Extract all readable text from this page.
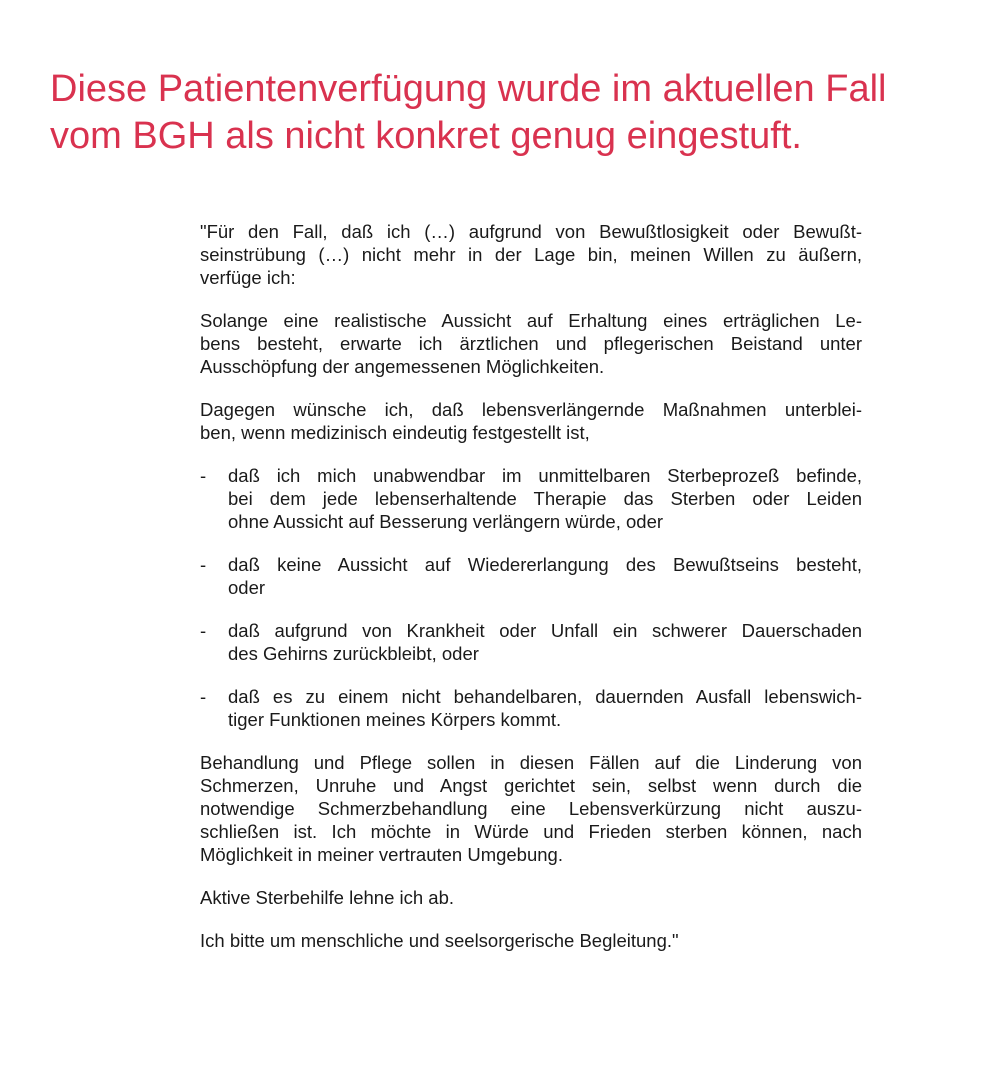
Diese Patientenverfügung wurde im aktuellen Fall
vom BGH als nicht konkret genug eingestuft.

"Für den Fall, daß ich (…) aufgrund von Bewußtlosigkeit oder Bewußt-
seinstrübung (…) nicht mehr in der Lage bin, meinen Willen zu äußern,
verfüge ich:

Solange eine realistische Aussicht auf Erhaltung eines erträglichen Le-
bens besteht, erwarte ich ärztlichen und pflegerischen Beistand unter
Ausschöpfung der angemessenen Möglichkeiten.

Dagegen wünsche ich, daß lebensverlängernde Maßnahmen unterblei-
ben, wenn medizinisch eindeutig festgestellt ist,

- daß ich mich unabwendbar im unmittelbaren Sterbeprozeß befinde,
bei dem jede lebenserhaltende Therapie das Sterben oder Leiden
ohne Aussicht auf Besserung verlängern würde, oder
- daß keine Aussicht auf Wiedererlangung des Bewußtseins besteht,
oder
- daß aufgrund von Krankheit oder Unfall ein schwerer Dauerschaden
des Gehirns zurückbleibt, oder
- daß es zu einem nicht behandelbaren, dauernden Ausfall lebenswich-
tiger Funktionen meines Körpers kommt.

Behandlung und Pflege sollen in diesen Fällen auf die Linderung von
Schmerzen, Unruhe und Angst gerichtet sein, selbst wenn durch die
notwendige Schmerzbehandlung eine Lebensverkürzung nicht auszu-
schließen ist. Ich möchte in Würde und Frieden sterben können, nach
Möglichkeit in meiner vertrauten Umgebung.

Aktive Sterbehilfe lehne ich ab.

Ich bitte um menschliche und seelsorgerische Begleitung."
